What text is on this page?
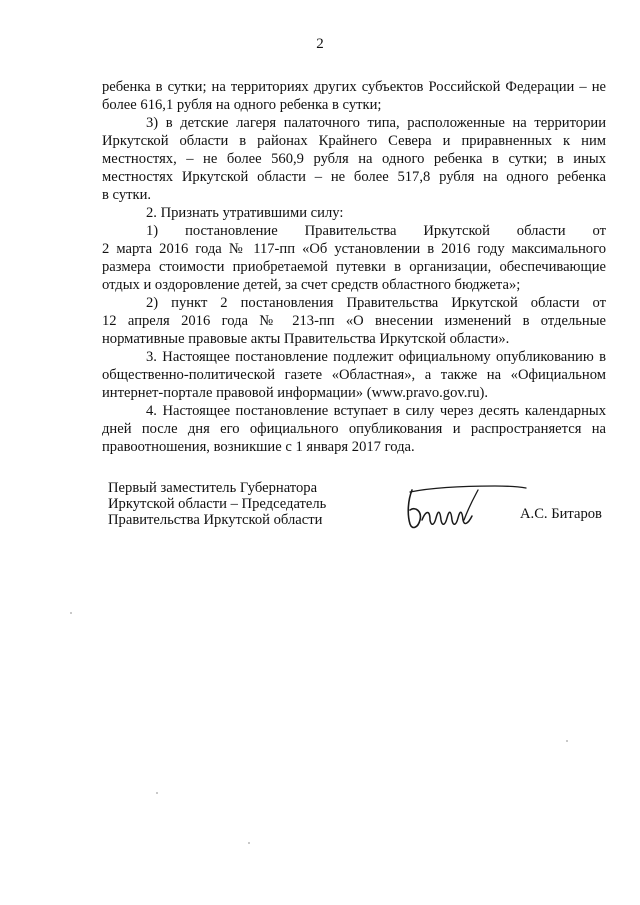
2
ребенка в сутки; на территориях других субъектов Российской Федерации – не
более 616,1 рубля на одного ребенка в сутки;
3) в детские лагеря палаточного типа, расположенные на территории
Иркутской области в районах Крайнего Севера и приравненных к ним
местностях, – не более 560,9 рубля на одного ребенка в сутки; в иных
местностях Иркутской области – не более 517,8 рубля на одного ребенка
в сутки.
2. Признать утратившими силу:
1) постановление Правительства Иркутской области от
2 марта 2016 года № 117-пп «Об установлении в 2016 году максимального
размера стоимости приобретаемой путевки в организации, обеспечивающие
отдых и оздоровление детей, за счет средств областного бюджета»;
2) пункт 2 постановления Правительства Иркутской области от
12 апреля 2016 года № 213-пп «О внесении изменений в отдельные
нормативные правовые акты Правительства Иркутской области».
3. Настоящее постановление подлежит официальному опубликованию в
общественно-политической газете «Областная», а также на «Официальном
интернет-портале правовой информации» (www.pravo.gov.ru).
4. Настоящее постановление вступает в силу через десять календарных
дней после дня его официального опубликования и распространяется на
правоотношения, возникшие с 1 января 2017 года.
Первый заместитель Губернатора
Иркутской области – Председатель
Правительства Иркутской области	А.С. Битаров
